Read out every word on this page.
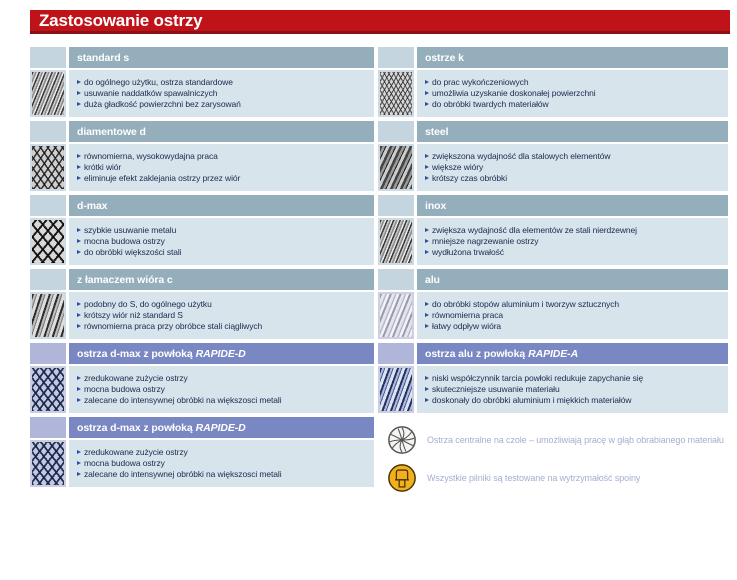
Zastosowanie ostrzy
standard s
do ogólnego użytku, ostrza standardowe
usuwanie naddatków spawalniczych
duża gładkość powierzchni bez zarysowań
diamentowe d
równomierna, wysokowydajna praca
krótki wiór
eliminuje efekt zaklejania ostrzy przez wiór
d-max
szybkie usuwanie metalu
mocna budowa ostrzy
do obróbki większości stali
z łamaczem wióra c
podobny do S, do ogólnego użytku
krótszy wiór niż standard S
równomierna praca przy obróbce stali ciągliwych
ostrza d-max z powłoką RAPIDE-D
zredukowane zużycie ostrzy
mocna budowa ostrzy
zalecane do intensywnej obróbki na większosci metali
ostrza d-max z powłoką RAPIDE-D
zredukowane zużycie ostrzy
mocna budowa ostrzy
zalecane do intensywnej obróbki na większosci metali
ostrze k
do prac wykończeniowych
umożliwia uzyskanie doskonałej powierzchni
do obróbki twardych materiałów
steel
zwiększona wydajność dla stalowych elementów
większe wióry
krótszy czas obróbki
inox
zwiększa wydajność dla elementów ze stali nierdzewnej
mniejsze nagrzewanie ostrzy
wydłużona trwałość
alu
do obróbki stopów aluminium i tworzyw sztucznych
równomierna praca
łatwy odpływ wióra
ostrza alu z powłoką RAPIDE-A
niski współczynnik tarcia powłoki redukuje zapychanie się
skuteczniejsze usuwanie materiału
doskonały do obróbki aluminium i miękkich materiałów
Ostrza centralne na czole – umożliwiają pracę w głąb obrabianego materiału
Wszystkie pilniki są testowane na wytrzymałość spoiny
